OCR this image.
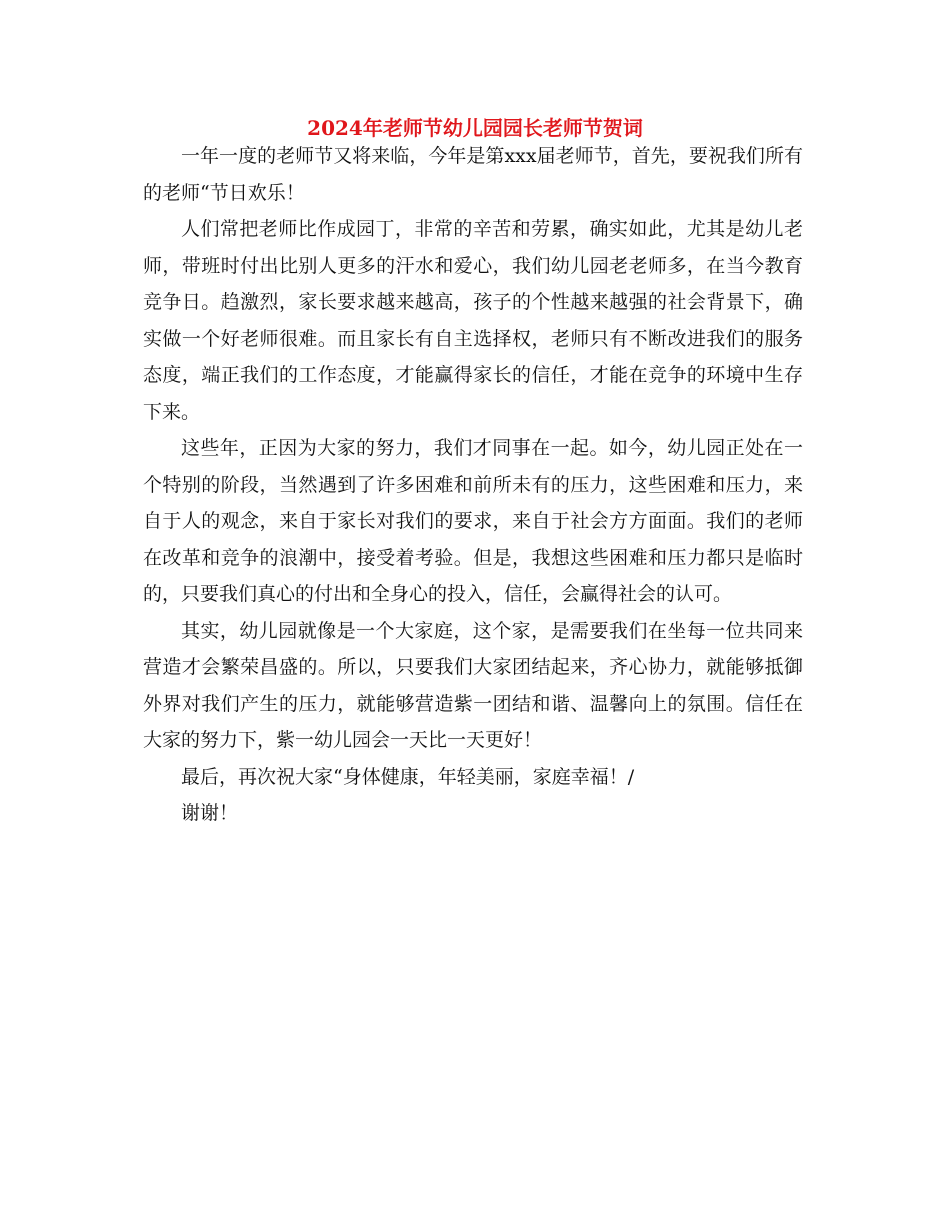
2024年老师节幼儿园园长老师节贺词

一年一度的老师节又将来临，今年是第xxx届老师节，首先，要祝我们所有的老师“节日欢乐！

人们常把老师比作成园丁，非常的辛苦和劳累，确实如此，尤其是幼儿老师，带班时付出比别人更多的汗水和爱心，我们幼儿园老老师多，在当今教育竞争日。趋激烈，家长要求越来越高，孩子的个性越来越强的社会背景下，确实做一个好老师很难。而且家长有自主选择权，老师只有不断改进我们的服务态度，端正我们的工作态度，才能赢得家长的信任，才能在竞争的环境中生存下来。

这些年，正因为大家的努力，我们才同事在一起。如今，幼儿园正处在一个特别的阶段，当然遇到了许多困难和前所未有的压力，这些困难和压力，来自于人的观念，来自于家长对我们的要求，来自于社会方方面面。我们的老师在改革和竞争的浪潮中，接受着考验。但是，我想这些困难和压力都只是临时的，只要我们真心的付出和全身心的投入，信任，会赢得社会的认可。

其实，幼儿园就像是一个大家庭，这个家，是需要我们在坐每一位共同来营造才会繁荣昌盛的。所以，只要我们大家团结起来，齐心协力，就能够抵御外界对我们产生的压力，就能够营造紫一团结和谐、温馨向上的氛围。信任在大家的努力下，紫一幼儿园会一天比一天更好！

最后，再次祝大家“身体健康，年轻美丽，家庭幸福！/

谢谢！
